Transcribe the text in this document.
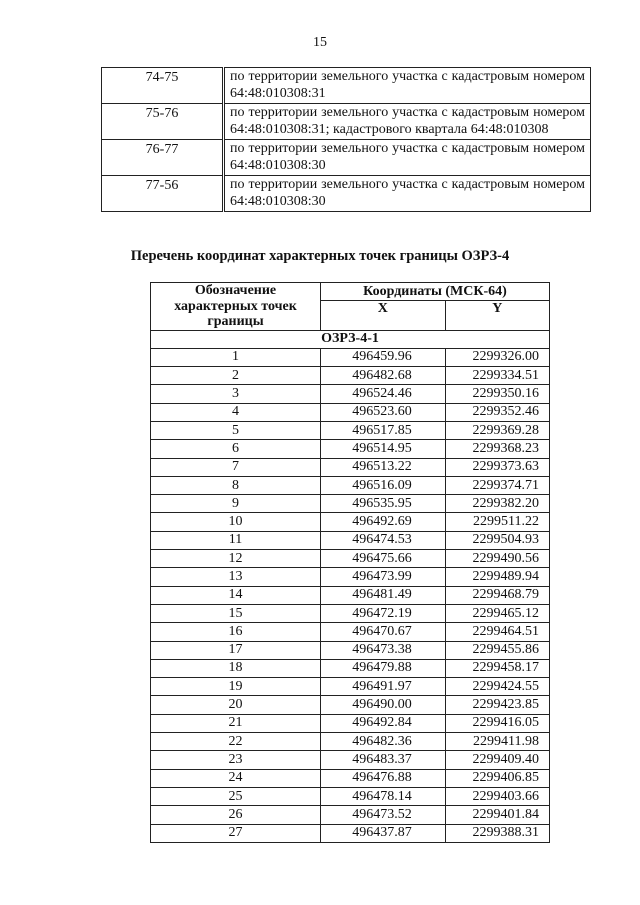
15
74-75	по территории земельного участка с кадастровым номером 64:48:010308:31
75-76	по территории земельного участка с кадастровым номером 64:48:010308:31; кадастрового квартала 64:48:010308
76-77	по территории земельного участка с кадастровым номером 64:48:010308:30
77-56	по территории земельного участка с кадастровым номером 64:48:010308:30
Перечень координат характерных точек границы ОЗРЗ-4
Обозначение характерных точек границы	Координаты (МСК-64)	
	X	Y
ОЗРЗ-4-1		
1	496459.96	2299326.00
2	496482.68	2299334.51
3	496524.46	2299350.16
4	496523.60	2299352.46
5	496517.85	2299369.28
6	496514.95	2299368.23
7	496513.22	2299373.63
8	496516.09	2299374.71
9	496535.95	2299382.20
10	496492.69	2299511.22
11	496474.53	2299504.93
12	496475.66	2299490.56
13	496473.99	2299489.94
14	496481.49	2299468.79
15	496472.19	2299465.12
16	496470.67	2299464.51
17	496473.38	2299455.86
18	496479.88	2299458.17
19	496491.97	2299424.55
20	496490.00	2299423.85
21	496492.84	2299416.05
22	496482.36	2299411.98
23	496483.37	2299409.40
24	496476.88	2299406.85
25	496478.14	2299403.66
26	496473.52	2299401.84
27	496437.87	2299388.31
